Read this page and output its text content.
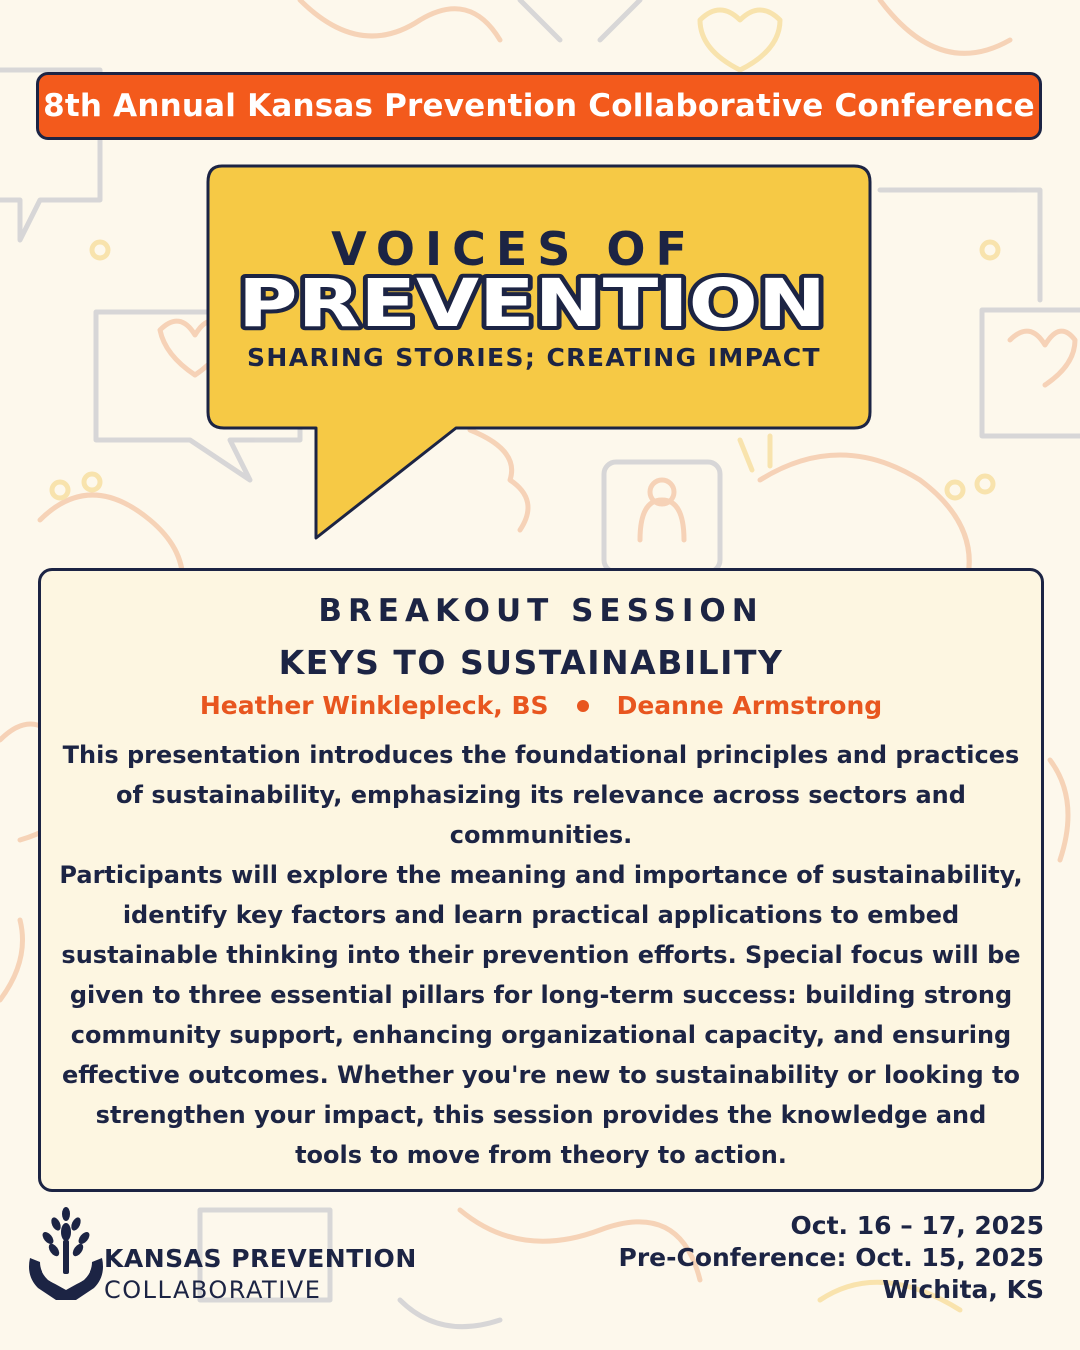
8th Annual Kansas Prevention Collaborative Conference
VOICES OF
PREVENTION
SHARING STORIES; CREATING IMPACT
BREAKOUT SESSION
KEYS TO SUSTAINABILITY
Heather Winklepleck, BS	Deanne Armstrong

This presentation introduces the foundational principles and practices of sustainability, emphasizing its relevance across sectors and communities.

Participants will explore the meaning and importance of sustainability, identify key factors and learn practical applications to embed sustainable thinking into their prevention efforts. Special focus will be given to three essential pillars for long-term success: building strong community support, enhancing organizational capacity, and ensuring effective outcomes. Whether you're new to sustainability or looking to strengthen your impact, this session provides the knowledge and tools to move from theory to action.

KANSAS PREVENTION
COLLABORATIVE
Oct. 16 – 17, 2025
Pre-Conference: Oct. 15, 2025
Wichita, KS
